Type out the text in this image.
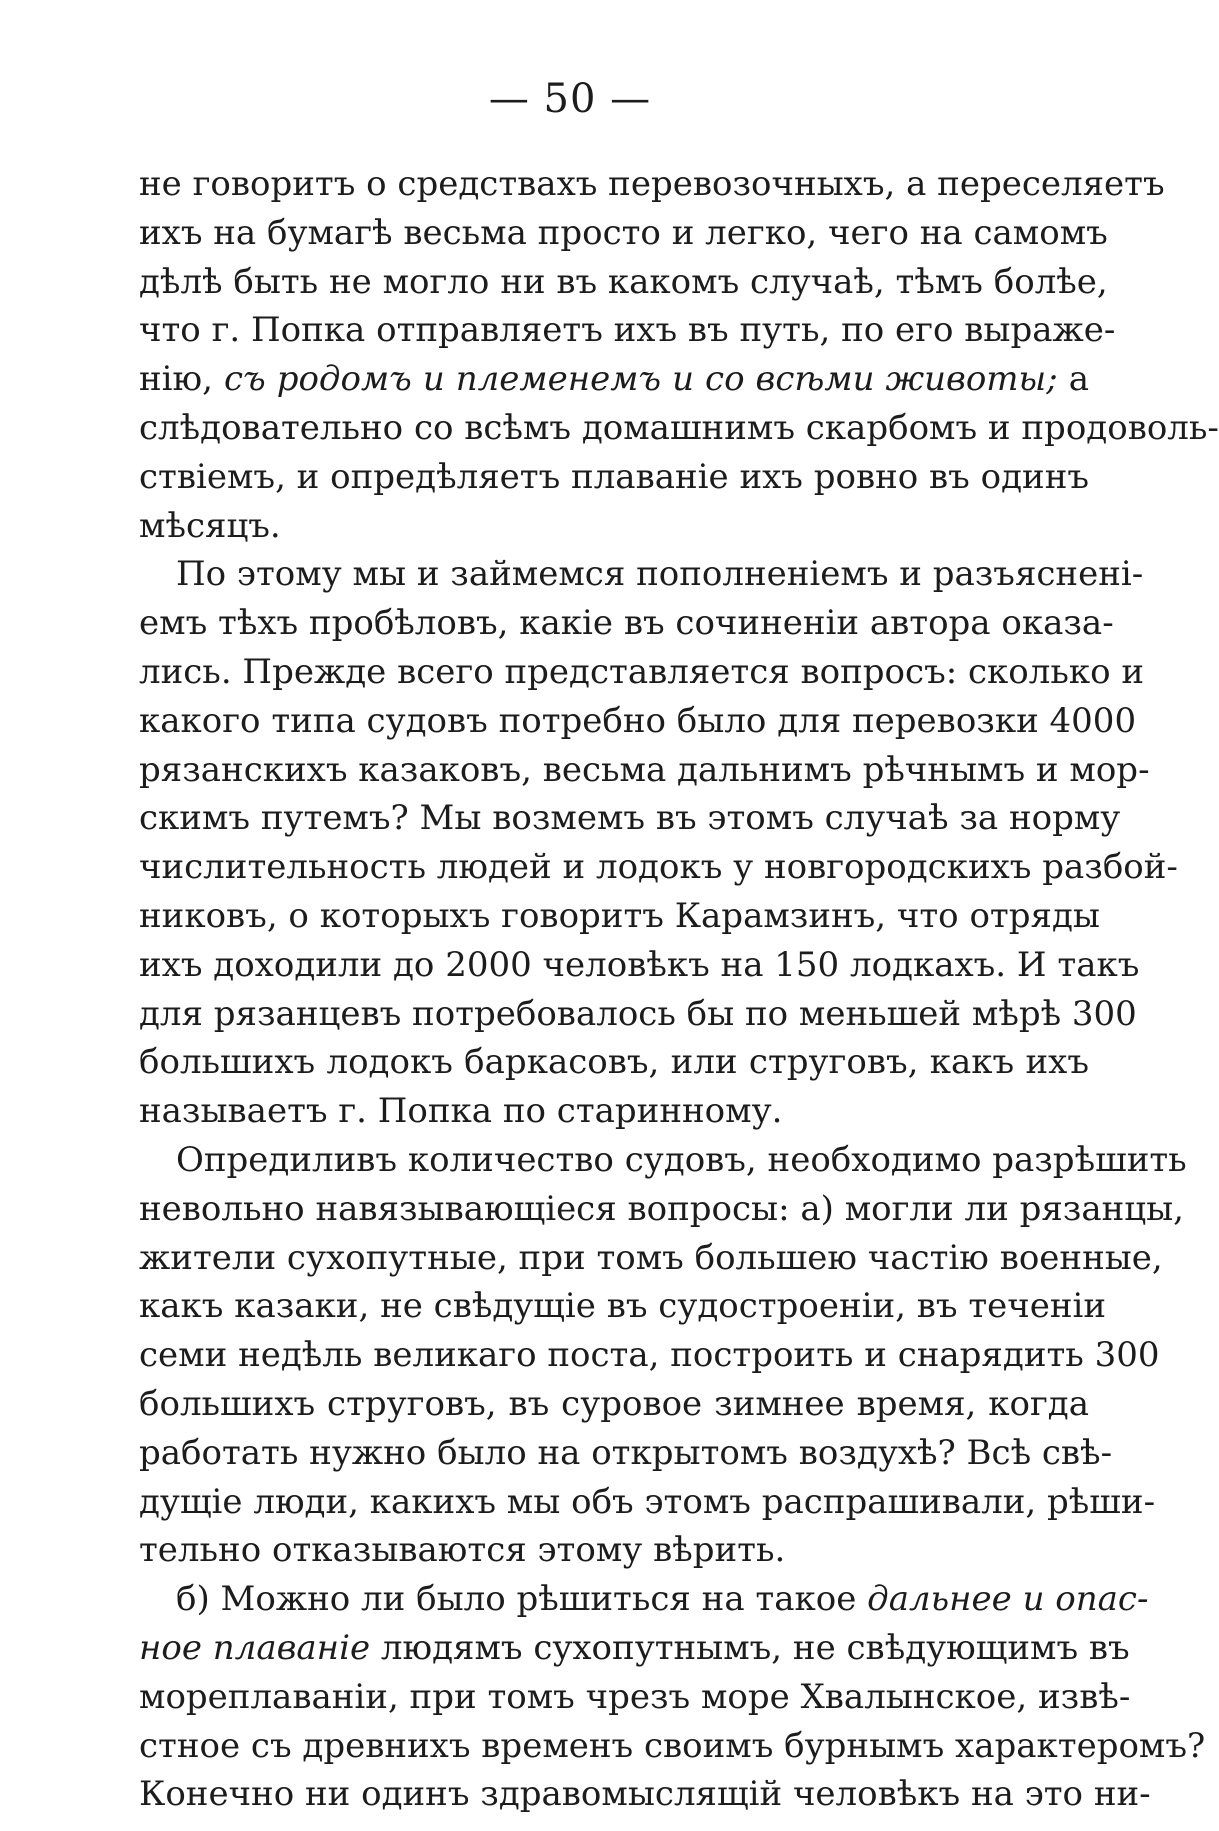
— 50 —
не говоритъ о средствахъ перевозочныхъ, а переселяетъ
ихъ на бумагѣ весьма просто и легко, чего на самомъ
дѣлѣ быть не могло ни въ какомъ случаѣ, тѣмъ болѣе,
что г. Попка отправляетъ ихъ въ путь, по его выраже-
нiю, съ родомъ и племенемъ и со всѣми животы; а
слѣдовательно со всѣмъ домашнимъ скарбомъ и продоволь-
ствiемъ, и опредѣляетъ плаванiе ихъ ровно въ одинъ
мѣсяцъ.
По этому мы и займемся пополненiемъ и разъясненi-
емъ тѣхъ пробѣловъ, какiе въ сочиненiи автора оказа-
лись. Прежде всего представляется вопросъ: сколько и
какого типа судовъ потребно было для перевозки 4000
рязанскихъ казаковъ, весьма дальнимъ рѣчнымъ и мор-
скимъ путемъ? Мы возмемъ въ этомъ случаѣ за норму
числительность людей и лодокъ у новгородскихъ разбой-
никовъ, о которыхъ говоритъ Карамзинъ, что отряды
ихъ доходили до 2000 человѣкъ на 150 лодкахъ. И такъ
для рязанцевъ потребовалось бы по меньшей мѣрѣ 300
большихъ лодокъ баркасовъ, или струговъ, какъ ихъ
называетъ г. Попка по старинному.
Опредиливъ количество судовъ, необходимо разрѣшить
невольно навязывающiеся вопросы: а) могли ли рязанцы,
жители сухопутные, при томъ большею частiю военные,
какъ казаки, не свѣдущiе въ судостроенiи, въ теченiи
семи недѣль великаго поста, построить и снарядить 300
большихъ струговъ, въ суровое зимнее время, когда
работать нужно было на открытомъ воздухѣ? Всѣ свѣ-
дущiе люди, какихъ мы объ этомъ распрашивали, рѣши-
тельно отказываются этому вѣрить.
б) Можно ли было рѣшиться на такое дальнее и опас-
ное плаванiе людямъ сухопутнымъ, не свѣдующимъ въ
мореплаванiи, при томъ чрезъ море Хвалынское, извѣ-
стное съ древнихъ временъ своимъ бурнымъ характеромъ?
Конечно ни одинъ здравомыслящiй человѣкъ на это ни-
